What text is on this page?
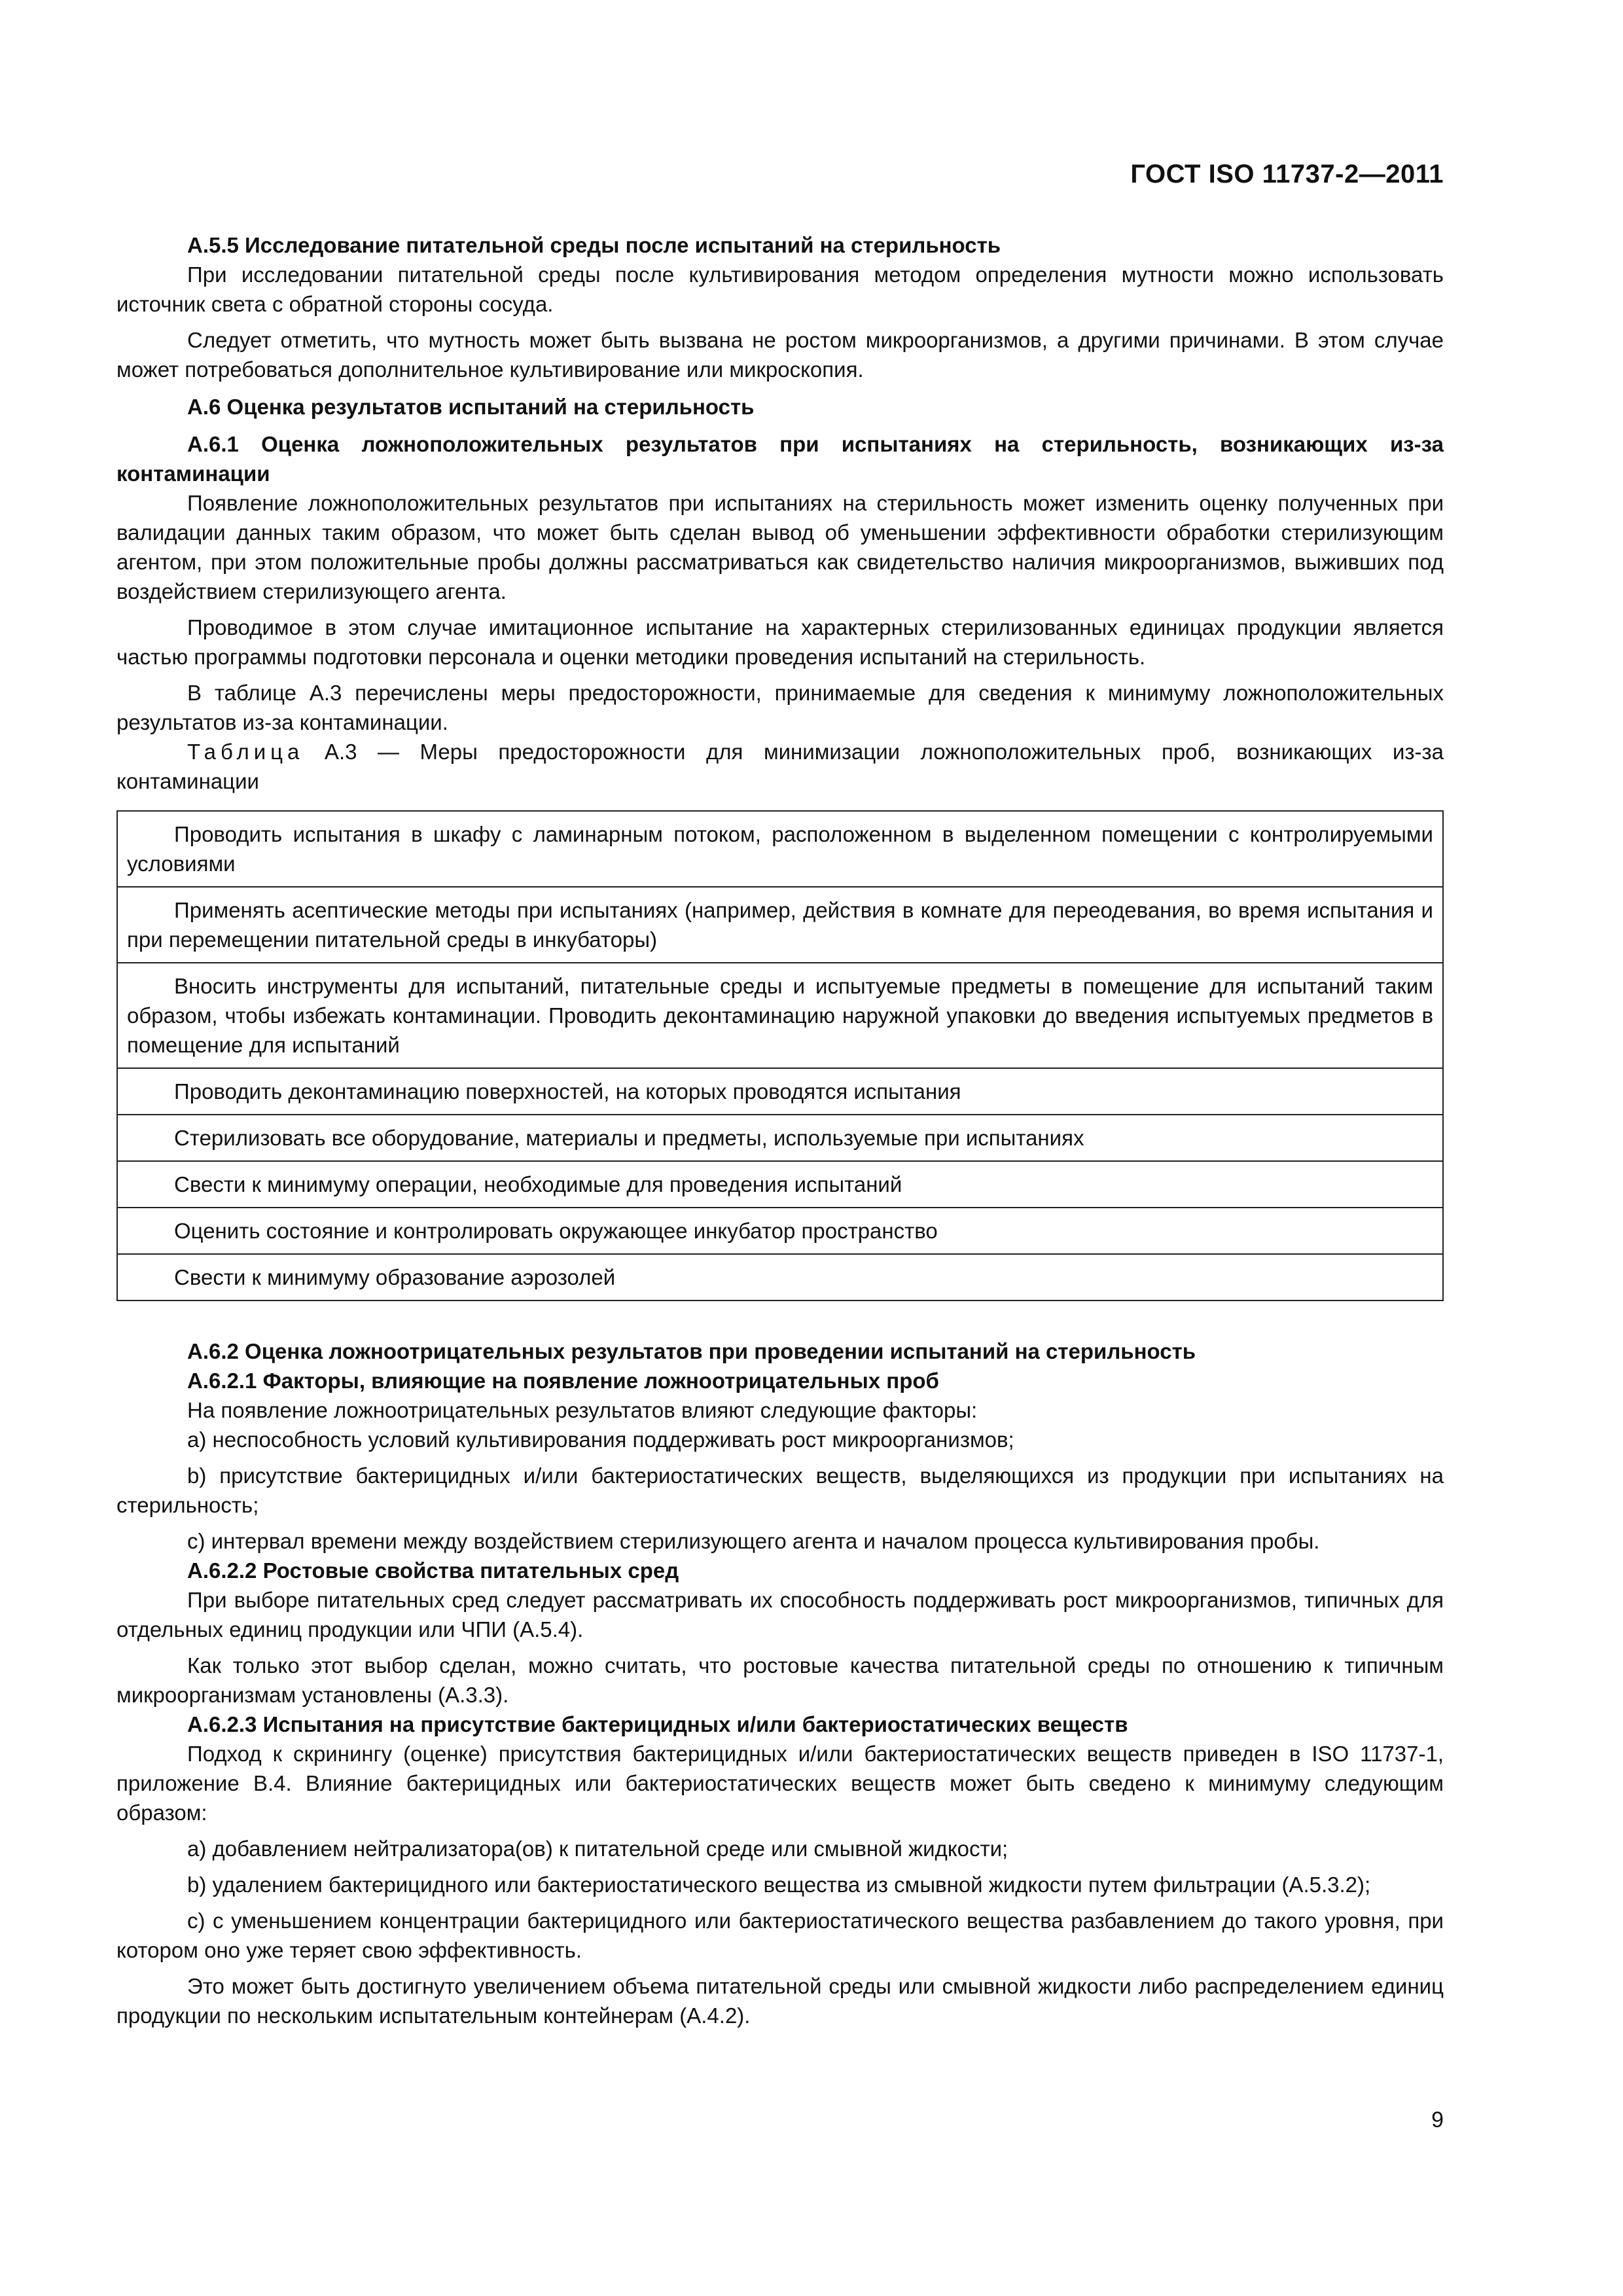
ГОСТ ISO 11737-2—2011

А.5.5 Исследование питательной среды после испытаний на стерильность

При исследовании питательной среды после культивирования методом определения мутности можно использовать источник света с обратной стороны сосуда.

Следует отметить, что мутность может быть вызвана не ростом микроорганизмов, а другими причинами. В этом случае может потребоваться дополнительное культивирование или микроскопия.

А.6 Оценка результатов испытаний на стерильность

А.6.1 Оценка ложноположительных результатов при испытаниях на стерильность, возникающих из-за контаминации

Появление ложноположительных результатов при испытаниях на стерильность может изменить оценку полученных при валидации данных таким образом, что может быть сделан вывод об уменьшении эффективности обработки стерилизующим агентом, при этом положительные пробы должны рассматриваться как свидетельство наличия микроорганизмов, выживших под воздействием стерилизующего агента.

Проводимое в этом случае имитационное испытание на характерных стерилизованных единицах продукции является частью программы подготовки персонала и оценки методики проведения испытаний на стерильность.

В таблице А.3 перечислены меры предосторожности, принимаемые для сведения к минимуму ложноположительных результатов из-за контаминации.

Таблица А.3 — Меры предосторожности для минимизации ложноположительных проб, возникающих из-за контаминации

Проводить испытания в шкафу с ламинарным потоком, расположенном в выделенном помещении с контролируемыми условиями
Применять асептические методы при испытаниях (например, действия в комнате для переодевания, во время испытания и при перемещении питательной среды в инкубаторы)
Вносить инструменты для испытаний, питательные среды и испытуемые предметы в помещение для испытаний таким образом, чтобы избежать контаминации. Проводить деконтаминацию наружной упаковки до введения испытуемых предметов в помещение для испытаний
Проводить деконтаминацию поверхностей, на которых проводятся испытания
Стерилизовать все оборудование, материалы и предметы, используемые при испытаниях
Свести к минимуму операции, необходимые для проведения испытаний
Оценить состояние и контролировать окружающее инкубатор пространство
Свести к минимуму образование аэрозолей

А.6.2 Оценка ложноотрицательных результатов при проведении испытаний на стерильность

А.6.2.1 Факторы, влияющие на появление ложноотрицательных проб

На появление ложноотрицательных результатов влияют следующие факторы:

а) неспособность условий культивирования поддерживать рост микроорганизмов;

b) присутствие бактерицидных и/или бактериостатических веществ, выделяющихся из продукции при испытаниях на стерильность;

с) интервал времени между воздействием стерилизующего агента и началом процесса культивирования пробы.

А.6.2.2 Ростовые свойства питательных сред

При выборе питательных сред следует рассматривать их способность поддерживать рост микроорганизмов, типичных для отдельных единиц продукции или ЧПИ (А.5.4).

Как только этот выбор сделан, можно считать, что ростовые качества питательной среды по отношению к типичным микроорганизмам установлены (А.3.3).

А.6.2.3 Испытания на присутствие бактерицидных и/или бактериостатических веществ

Подход к скринингу (оценке) присутствия бактерицидных и/или бактериостатических веществ приведен в ISO 11737-1, приложение В.4. Влияние бактерицидных или бактериостатических веществ может быть сведено к минимуму следующим образом:

а) добавлением нейтрализатора(ов) к питательной среде или смывной жидкости;

b) удалением бактерицидного или бактериостатического вещества из смывной жидкости путем фильтрации (А.5.3.2);

с) с уменьшением концентрации бактерицидного или бактериостатического вещества разбавлением до такого уровня, при котором оно уже теряет свою эффективность.

Это может быть достигнуто увеличением объема питательной среды или смывной жидкости либо распределением единиц продукции по нескольким испытательным контейнерам (А.4.2).

9
